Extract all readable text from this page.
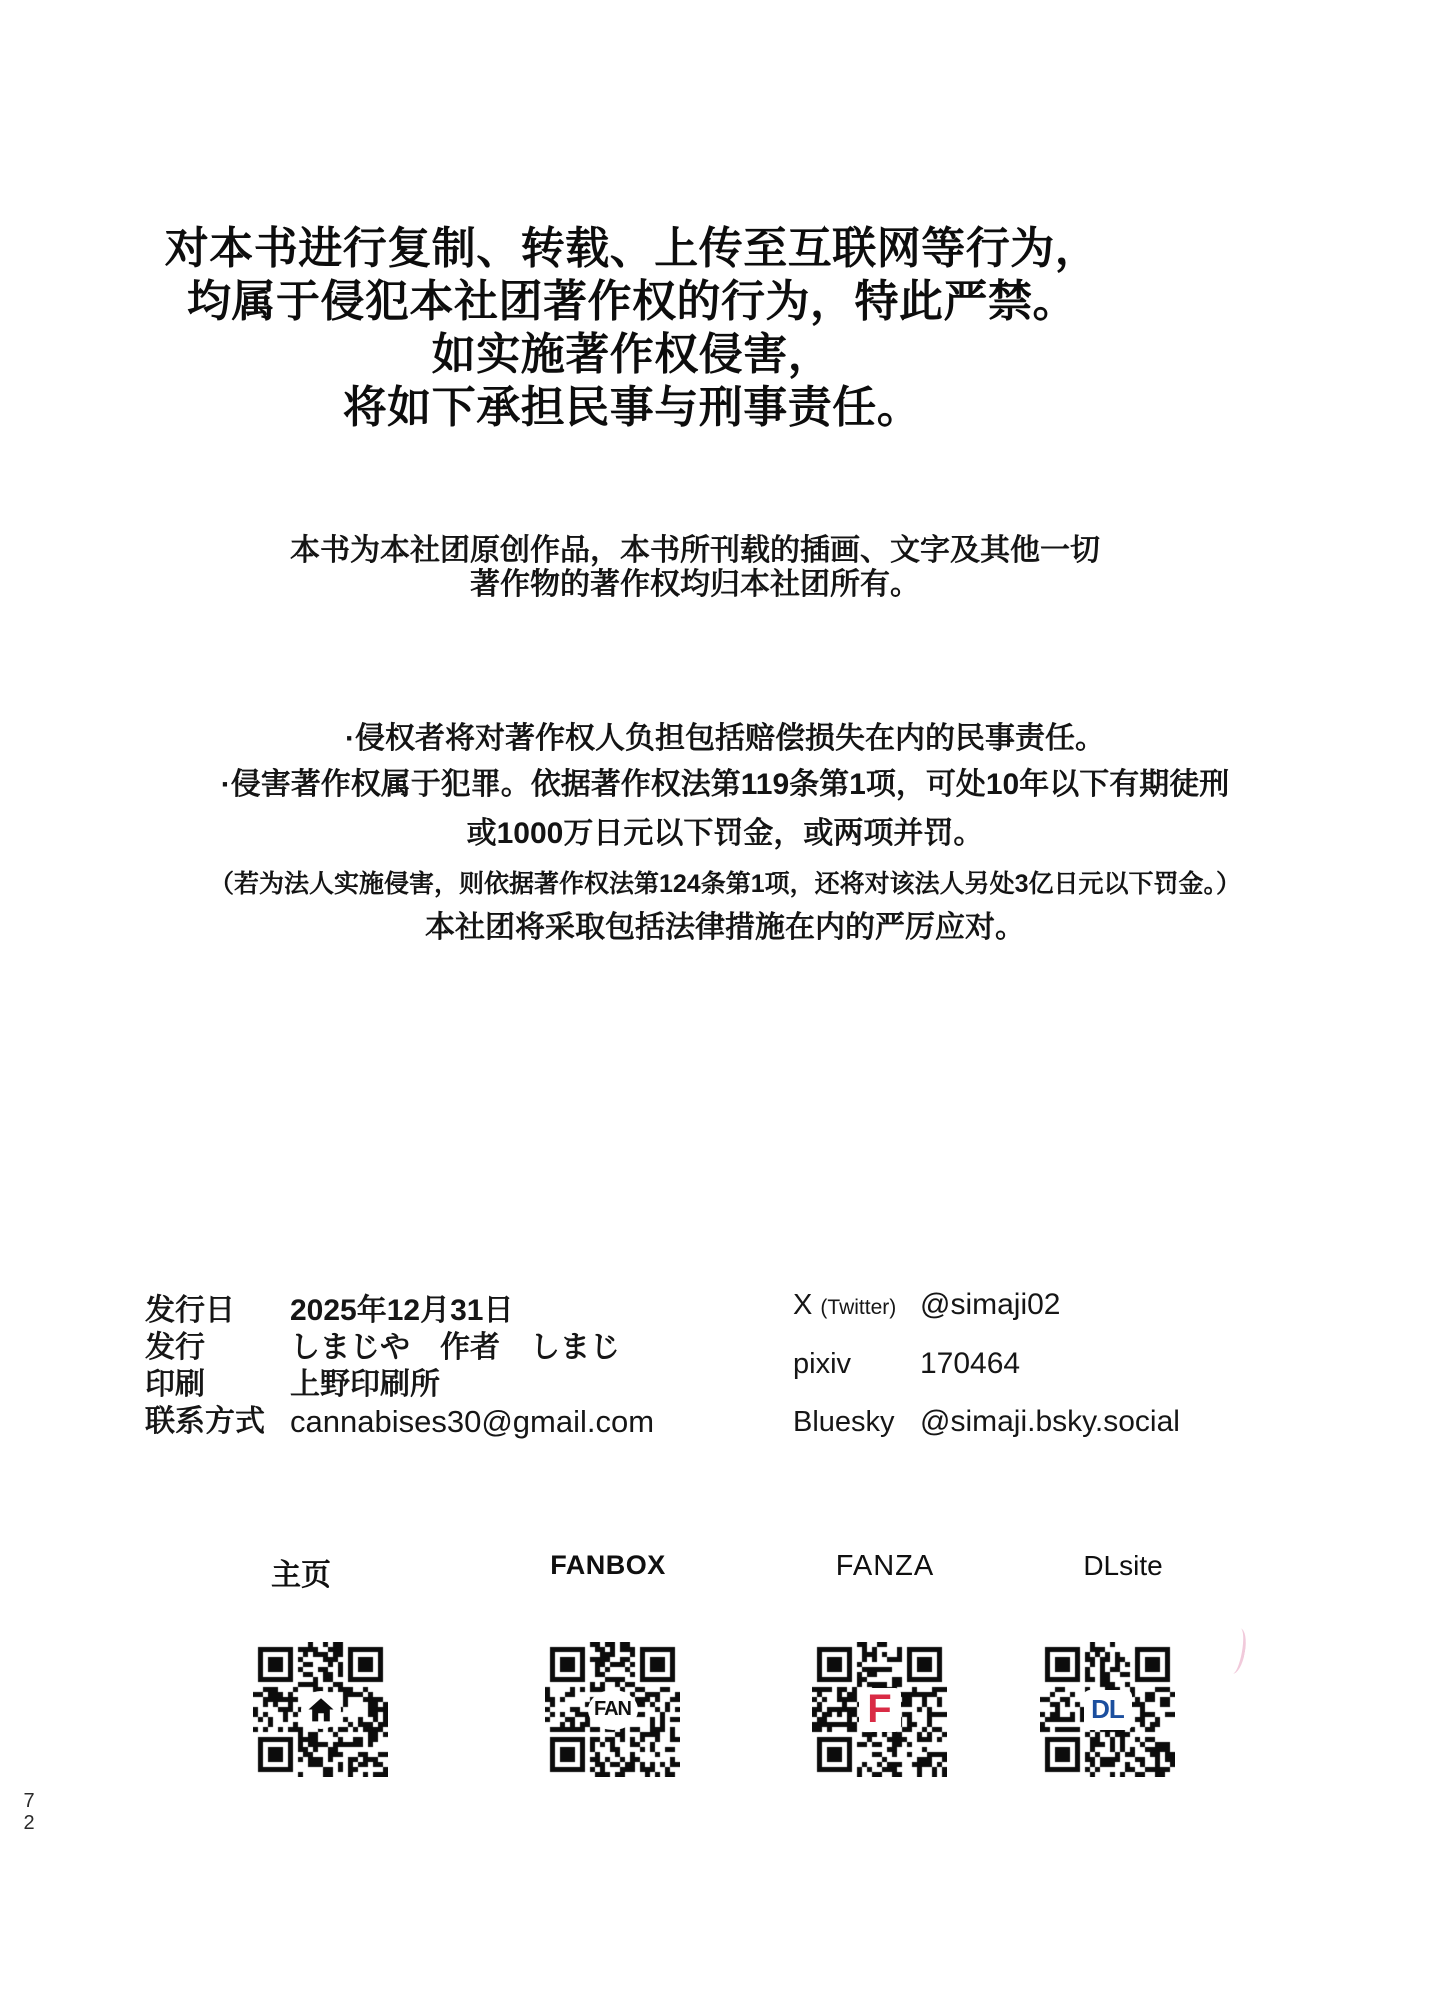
对本书进行复制、转载、上传至互联网等行为，
均属于侵犯本社团著作权的行为，特此严禁。
如实施著作权侵害，
将如下承担民事与刑事责任。
本书为本社团原创作品，本书所刊载的插画、文字及其他一切
著作物的著作权均归本社团所有。
·侵权者将对著作权人负担包括赔偿损失在内的民事责任。
·侵害著作权属于犯罪。依据著作权法第119条第1项，可处10年以下有期徒刑
或1000万日元以下罚金，或两项并罚。
（若为法人实施侵害，则依据著作权法第124条第1项，还将对该法人另处3亿日元以下罚金。）
本社团将采取包括法律措施在内的严厉应对。
发行日	2025年12月31日
发行	しまじや　作者　しまじ
印刷	上野印刷所
联系方式 cannabises30@gmail.com
X (Twitter) @simaji02
pixiv	170464
Bluesky @simaji.bsky.social
主页	FANBOX	FANZA	DLsite
FAN	F	DL
7
2
